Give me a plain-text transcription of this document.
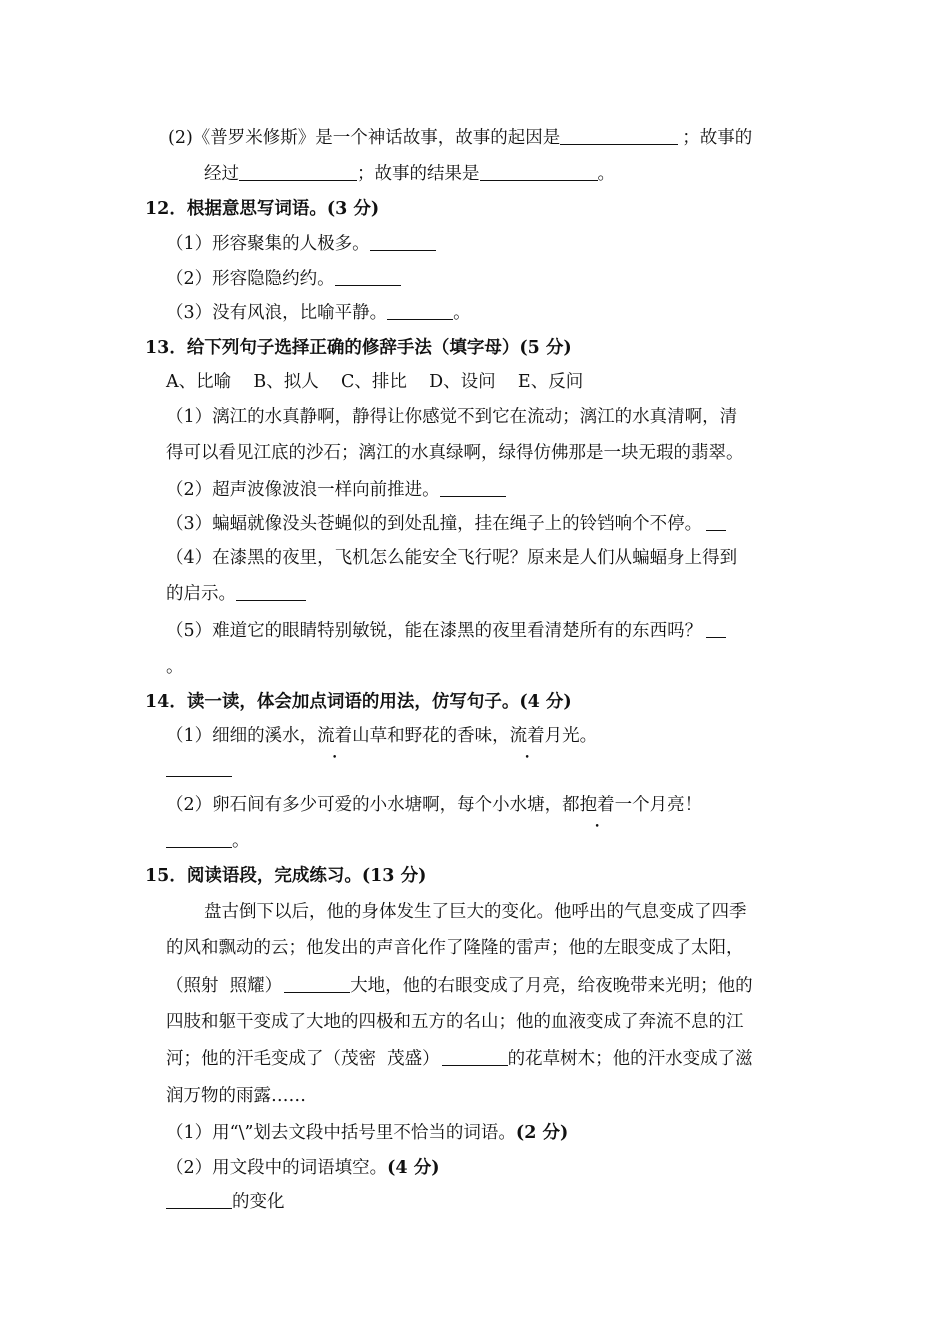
(2)《普罗米修斯》是一个神话故事，故事的起因是	；故事的
经过	；故事的结果是	。
12．根据意思写词语。(3 分)
（1）形容聚集的人极多。
（2）形容隐隐约约。
（3）没有风浪，比喻平静。	。
13．给下列句子选择正确的修辞手法（填字母）(5 分)
A、比喻    B、拟人    C、排比    D、设问    E、反问
（1）漓江的水真静啊，静得让你感觉不到它在流动；漓江的水真清啊，清
得可以看见江底的沙石；漓江的水真绿啊，绿得仿佛那是一块无瑕的翡翠。
（2）超声波像波浪一样向前推进。
（3）蝙蝠就像没头苍蝇似的到处乱撞，挂在绳子上的铃铛响个不停。
（4）在漆黑的夜里，飞机怎么能安全飞行呢？原来是人们从蝙蝠身上得到
的启示。
（5）难道它的眼睛特别敏锐，能在漆黑的夜里看清楚所有的东西吗？
。
14．读一读，体会加点词语的用法，仿写句子。(4 分)
（1）细细的溪水，流着山草和野花的香味，流着月光。
（2）卵石间有多少可爱的小水塘啊，每个小水塘，都抱着一个月亮！
。
15．阅读语段，完成练习。(13 分)
盘古倒下以后，他的身体发生了巨大的变化。他呼出的气息变成了四季
的风和飘动的云；他发出的声音化作了隆隆的雷声；他的左眼变成了太阳，
（照射  照耀）	大地，他的右眼变成了月亮，给夜晚带来光明；他的
四肢和躯干变成了大地的四极和五方的名山；他的血液变成了奔流不息的江
河；他的汗毛变成了（茂密  茂盛）	的花草树木；他的汗水变成了滋
润万物的雨露……
（1）用“\”划去文段中括号里不恰当的词语。(2 分)
（2）用文段中的词语填空。(4 分)
的变化
